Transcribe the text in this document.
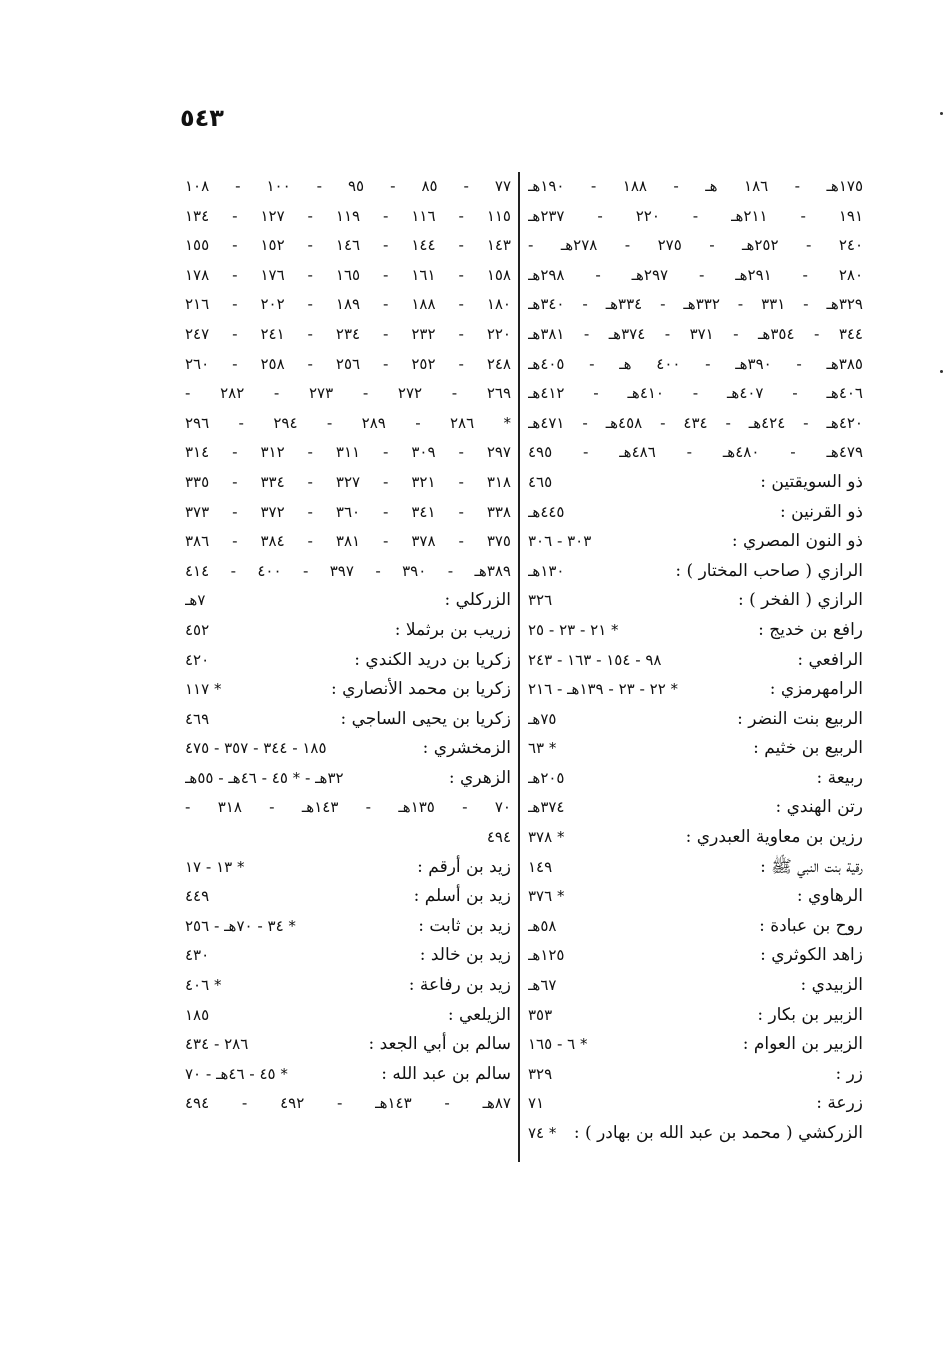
٥٤٣
١٧٥هـ - ١٨٦ هـ - ١٨٨ - ١٩٠هـ
١٩١ - ٢١١هـ - ٢٢٠ - ٢٣٧هـ
٢٤٠ - ٢٥٢هـ - ٢٧٥ - ٢٧٨هـ -
٢٨٠ - ٢٩١هـ - ٢٩٧هـ - ٢٩٨هـ
٣٢٩هـ - ٣٣١ - ٣٣٢هـ - ٣٣٤هـ - ٣٤٠هـ
٣٤٤ - ٣٥٤هـ - ٣٧١ - ٣٧٤هـ - ٣٨١هـ
٣٨٥هـ - ٣٩٠هـ - ٤٠٠ هـ - ٤٠٥هـ
٤٠٦هـ - ٤٠٧هـ - ٤١٠هـ - ٤١٢هـ
٤٢٠هـ - ٤٢٤هـ - ٤٣٤ - ٤٥٨هـ - ٤٧١هـ
٤٧٩هـ - ٤٨٠هـ - ٤٨٦هـ - ٤٩٥
ذو السويقتين :
٤٦٥
ذو القرنين :
٤٤٥هـ
ذو النون المصري :
٣٠٣ - ٣٠٦
الرازي ( صاحب المختار ) :
١٣٠هـ
الرازي ( الفخر ) :
٣٢٦
رافع بن خديج :
* ٢١ - ٢٣ - ٢٥
الرافعي :
٩٨ - ١٥٤ - ١٦٣ - ٢٤٣
الرامهرمزي :
* ٢٢ - ٢٣ - ١٣٩هـ - ٢١٦
الربيع بنت النضر :
٧٥هـ
الربيع بن خثيم :
* ٦٣
ربيعة :
٢٠٥هـ
رتن الهندي :
٣٧٤هـ
رزين بن معاوية العبدري :
* ٣٧٨
رقية بنت النبي ﷺ :
١٤٩
الرهاوي :
* ٣٧٦
روح بن عبادة :
٥٨هـ
زاهد الكوثري :
١٢٥هـ
الزبيدي :
٦٧هـ
الزبير بن بكار :
٣٥٣
الزبير بن العوام :
* ٦ - ١٦٥
زر :
٣٢٩
زرعة :
٧١
الزركشي ( محمد بن عبد الله بن بهادر ) :
* ٧٤
٧٧ - ٨٥ - ٩٥ - ١٠٠ - ١٠٨
١١٥ - ١١٦ - ١١٩ - ١٢٧ - ١٣٤
١٤٣ - ١٤٤ - ١٤٦ - ١٥٢ - ١٥٥
١٥٨ - ١٦١ - ١٦٥ - ١٧٦ - ١٧٨
١٨٠ - ١٨٨ - ١٨٩ - ٢٠٢ - ٢١٦
٢٢٠ - ٢٣٢ - ٢٣٤ - ٢٤١ - ٢٤٧
٢٤٨ - ٢٥٢ - ٢٥٦ - ٢٥٨ - ٢٦٠
٢٦٩ - ٢٧٢ - ٢٧٣ - ٢٨٢ -
* ٢٨٦ - ٢٨٩ - ٢٩٤ - ٢٩٦
٢٩٧ - ٣٠٩ - ٣١١ - ٣١٢ - ٣١٤
٣١٨ - ٣٢١ - ٣٢٧ - ٣٣٤ - ٣٣٥
٣٣٨ - ٣٤١ - ٣٦٠ - ٣٧٢ - ٣٧٣
٣٧٥ - ٣٧٨ - ٣٨١ - ٣٨٤ - ٣٨٦
٣٨٩هـ - ٣٩٠ - ٣٩٧ - ٤٠٠ - ٤١٤
الزركلي :
٧هـ
زريب بن برثملا :
٤٥٢
زكريا بن دريد الكندي :
٤٢٠
زكريا بن محمد الأنصاري :
* ١١٧
زكريا بن يحيى الساجي :
٤٦٩
الزمخشري :
١٨٥ - ٣٤٤ - ٣٥٧ - ٤٧٥
الزهري :
٣٢هـ - * ٤٥ - ٤٦هـ - ٥٥هـ
٧٠ - ١٣٥هـ - ١٤٣هـ - ٣١٨ -
٤٩٤
زيد بن أرقم :
* ١٣ - ١٧
زيد بن أسلم :
٤٤٩
زيد بن ثابت :
* ٣٤ - ٧٠هـ - ٢٥٦
زيد بن خالد :
٤٣٠
زيد بن رفاعة :
* ٤٠٦
الزيلعي :
١٨٥
سالم بن أبي الجعد :
٢٨٦ - ٤٣٤
سالم بن عبد الله :
* ٤٥ - ٤٦هـ - ٧٠
٨٧هـ - ١٤٣هـ - ٤٩٢ - ٤٩٤
